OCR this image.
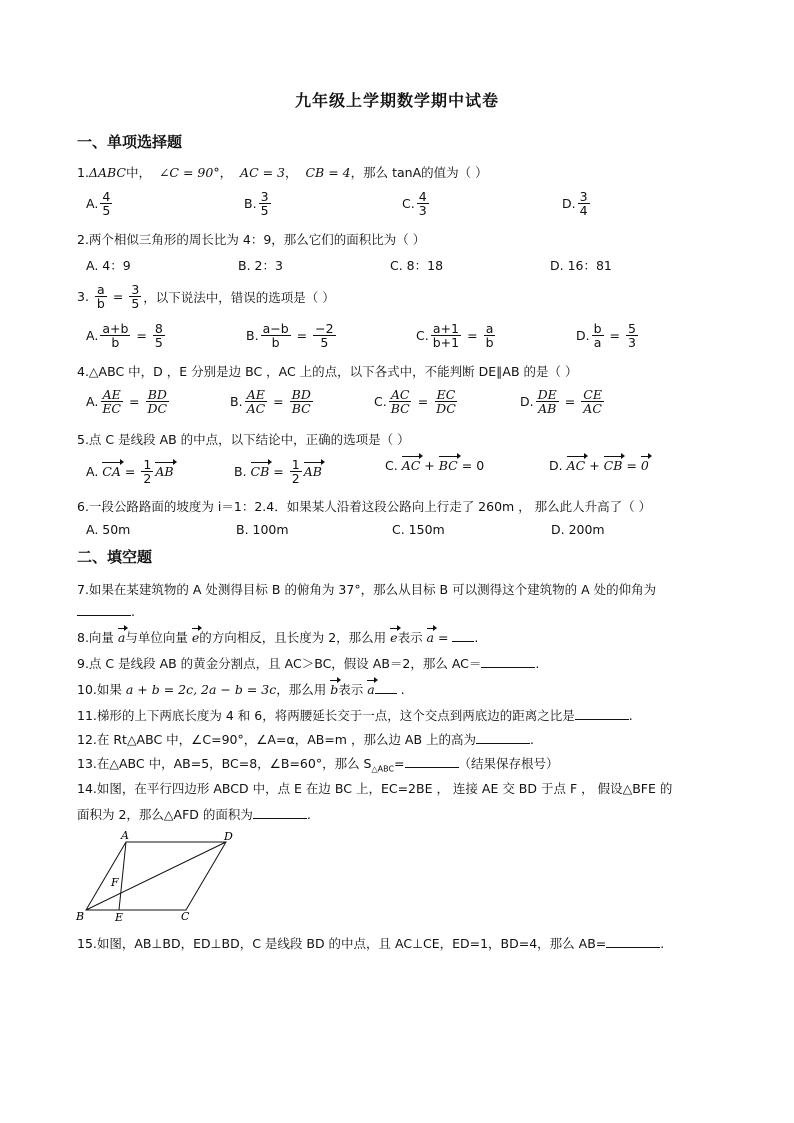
九年级上学期数学期中试卷
一、单项选择题
1.ΔABC中， ∠C = 90°， AC = 3， CB = 4，那么 tanA的值为（ ）
A. $\frac{4}{5}$	B. $\frac{3}{5}$	C. $\frac{4}{3}$	D. $\frac{3}{4}$
2.两个相似三角形的周长比为 4：9，那么它们的面积比为（ ）
A. 4：9	B. 2：3	C. 8：18	D. 16：81
3.
$\frac{a}{b} = \frac{3}{5}$ ，以下说法中，错误的选项是（ ）
A. $\frac{a+b}{b} = \frac{8}{5}$	B. $\frac{a-b}{b} = \frac{-2}{5}$	C. $\frac{a+1}{b+1} = \frac{a}{b}$	D. $\frac{b}{a} = \frac{5}{3}$
4.△ABC 中，D ，E 分别是边 BC ，AC 上的点，以下各式中，不能判断 DE∥AB 的是（ ）
A. $\frac{AE}{EC} = \frac{BD}{DC}$	B. $\frac{AE}{AC} = \frac{BD}{BC}$	C. $\frac{AC}{BC} = \frac{EC}{DC}$	D. $\frac{DE}{AB} = \frac{CE}{AC}$
5.点 C 是线段 AB 的中点，以下结论中，正确的选项是（ ）
A.
CA = $\frac{1}{2}$ AB	B.
CB = $\frac{1}{2}$ AB	C.
AC + BC = 0	D.
AC + CB = 0
6.一段公路路面的坡度为 i＝1：2.4．如果某人沿着这段公路向上行走了 260m ， 那么此人升高了（ ）
A. 50m	B. 100m	C. 150m	D. 200m
二、填空题
7.如果在某建筑物的 A 处测得目标 B 的俯角为 37°，那么从目标 B 可以测得这个建筑物的 A 处的仰角为
.
8.向量 a与单位向量 e的方向相反，且长度为 2，那么用 e表示 a = .
9.点 C 是线段 AB 的黄金分割点，且 AC＞BC，假设 AB＝2，那么 AC＝	.
10.如果 a + b = 2c, 2a − b = 3c，那么用 b表示 a .
11.梯形的上下两底长度为 4 和 6，将两腰延长交于一点，这个交点到两底边的距离之比是	.
12.在 Rt△ABC 中，∠C=90°，∠A=α，AB=m ，那么边 AB 上的高为	.
13.在△ABC 中，AB=5，BC=8，∠B=60°，那么 $S_{\triangle ABC}=$	（结果保存根号）
14.如图，在平行四边形 ABCD 中，点 E 在边 BC 上，EC=2BE ， 连接 AE 交 BD 于点 F ， 假设△BFE 的
面积为 2，那么△AFD 的面积为	.
A	D
F
B	E	C
15.如图，AB⊥BD，ED⊥BD，C 是线段 BD 的中点，且 AC⊥CE，ED=1，BD=4，那么 AB=	.
